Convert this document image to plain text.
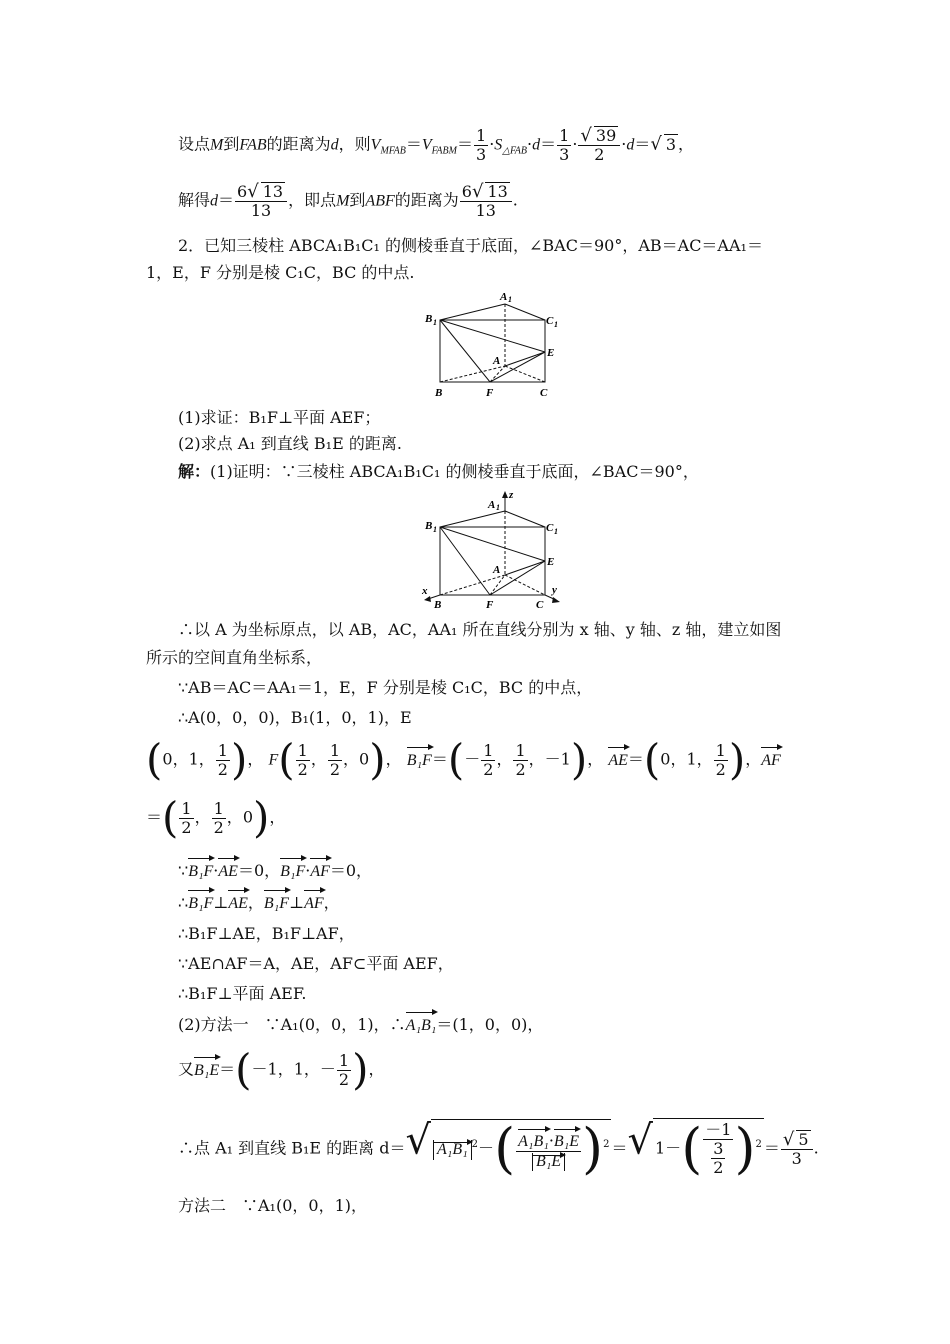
设点M到FAB的距离为d，则$V_{MFAB}=V_{FABM}= \frac{1}{3} \cdot S_{\triangle FAB}\cdot d= \frac{1}{3} \cdot \frac{√ 39}{2} \cdot d=√$ 3 ，
解得$d= \frac{6√ 13}{13}$ ，即点M到ABF的距离为 $\frac{6√ 13}{13}$ .
2．已知三棱柱 ABCA₁B₁C₁ 的侧棱垂直于底面，∠BAC＝90°，AB＝AC＝AA₁＝
1，E，F 分别是棱 C₁C，BC 的中点.
A 1
B 1	C 1
E
A
B	F	C
(1)求证：B₁F⊥平面 AEF；
(2)求点 A₁ 到直线 B₁E 的距离.
解：(1)证明：∵三棱柱 ABCA₁B₁C₁ 的侧棱垂直于底面，∠BAC＝90°，
z
A 1
B 1	C 1
E
A
x
B	F	C
y
∴以 A 为坐标原点，以 AB，AC，AA₁ 所在直线分别为 x 轴、y 轴、z 轴，建立如图
所示的空间直角坐标系，
∵AB＝AC＝AA₁＝1，E，F 分别是棱 C₁C，BC 的中点，
∴A(0，0，0)，B₁(1，0，1)，E
(0，1， $\frac{1}{2}$ )， $F( \frac{1}{2}$ ， $\frac{1}{2}$ ，0)， $B_1F=(- \frac{1}{2}$ ， $\frac{1}{2}$ ，－1)， AE＝(0，1， $\frac{1}{2}$ )，AF
＝( $\frac{1}{2}$ ， $\frac{1}{2}$ ，0)，
∵B₁F·AE＝0，B₁F·AF＝0，
∴B₁F⊥AE，B₁F⊥AF，
∴B₁F⊥AE，B₁F⊥AF，
∵AE∩AF＝A，AE，AF⊂平面 AEF，
∴B₁F⊥平面 AEF.
(2)方法一　∵A₁(0，0，1)，∴A₁B₁＝(1，0，0)，
又B₁E＝(－1，1，－ $\frac{1}{2}$ )，
∴点 A₁ 到直线 B₁E 的距离 d＝√ A₁B₁ $^2-( \frac{\text{A₁B₁·B₁E}}{\text{B₁E}} )^2$ ＝√ $1-( \frac{-1}{\frac{3}{2}} )^2 = \frac{√ 5}{3}$ .
方法二　∵A₁(0，0，1)，
